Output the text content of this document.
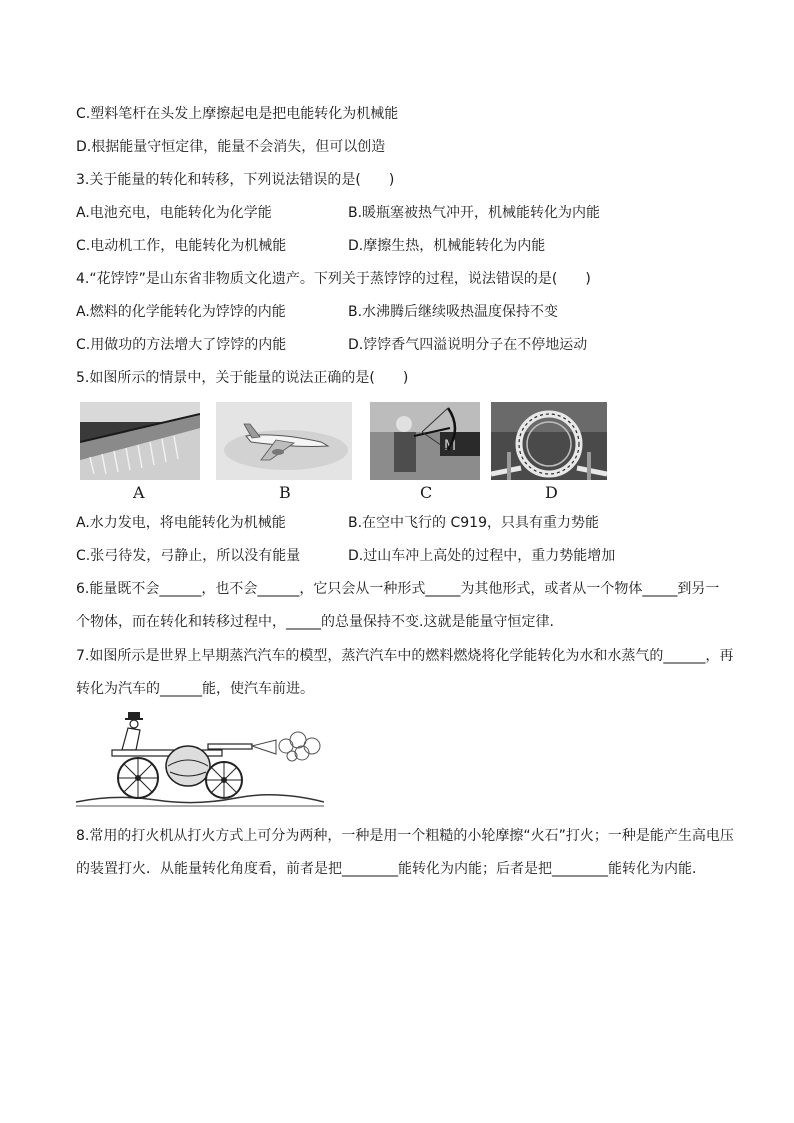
C.塑料笔杆在头发上摩擦起电是把电能转化为机械能
D.根据能量守恒定律，能量不会消失，但可以创造
3.关于能量的转化和转移，下列说法错误的是(　　)
A.电池充电，电能转化为化学能	B.暖瓶塞被热气冲开，机械能转化为内能
C.电动机工作，电能转化为机械能	D.摩擦生热，机械能转化为内能
4.“花饽饽”是山东省非物质文化遗产。下列关于蒸饽饽的过程，说法错误的是(　　)
A.燃料的化学能转化为饽饽的内能	B.水沸腾后继续吸热温度保持不变
C.用做功的方法增大了饽饽的内能	D.饽饽香气四溢说明分子在不停地运动
5.如图所示的情景中，关于能量的说法正确的是(　　)
A	B
M
C	D
A.水力发电，将电能转化为机械能	B.在空中飞行的 C919，只具有重力势能
C.张弓待发，弓静止，所以没有能量	D.过山车冲上高处的过程中，重力势能增加
6.能量既不会______，也不会______，它只会从一种形式_____为其他形式，或者从一个物体_____到另一
个物体，而在转化和转移过程中，_____的总量保持不变.这就是能量守恒定律.
7.如图所示是世界上早期蒸汽汽车的模型，蒸汽汽车中的燃料燃烧将化学能转化为水和水蒸气的______，再
转化为汽车的______能，使汽车前进。
8.常用的打火机从打火方式上可分为两种，一种是用一个粗糙的小轮摩擦“火石”打火；一种是能产生高电压
的装置打火．从能量转化角度看，前者是把________能转化为内能；后者是把________能转化为内能．
